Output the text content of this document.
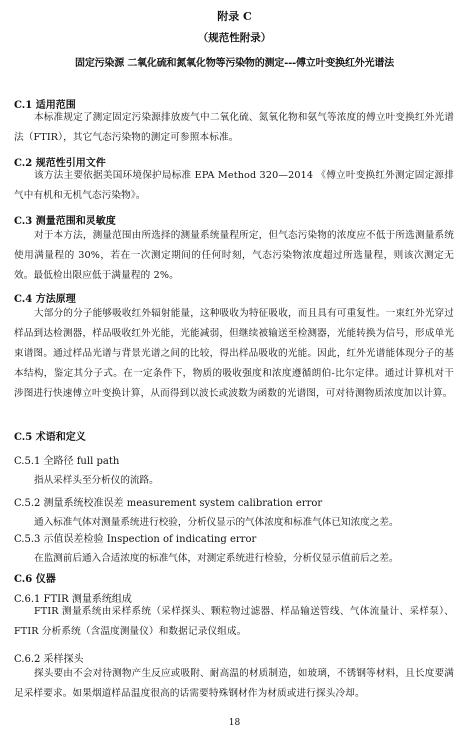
附录 C
（规范性附录）
固定污染源 二氧化硫和氮氧化物等污染物的测定---傅立叶变换红外光谱法
C.1 适用范围
本标准规定了测定固定污染源排放废气中二氧化硫、氮氧化物和氨气等浓度的傅立叶变换红外光谱法（FTIR），其它气态污染物的测定可参照本标准。
C.2 规范性引用文件
该方法主要依据美国环境保护局标准 EPA Method 320—2014 《傅立叶变换红外测定固定源排气中有机和无机气态污染物》。
C.3 测量范围和灵敏度
对于本方法，测量范围由所选择的测量系统量程所定，但气态污染物的浓度应不低于所选测量系统使用满量程的 30%，若在一次测定期间的任何时刻，气态污染物浓度超过所选量程，则该次测定无效。最低检出限应低于满量程的 2%。
C.4 方法原理
大部分的分子能够吸收红外辐射能量，这种吸收为特征吸收，而且具有可重复性。一束红外光穿过样品到达检测器，样品吸收红外光能，光能减弱，但继续被输送至检测器，光能转换为信号，形成单光束谱图。通过样品光谱与背景光谱之间的比较，得出样品吸收的光能。因此，红外光谱能体现分子的基本结构，鉴定其分子式。在一定条件下，物质的吸收强度和浓度遵循朗伯-比尔定律。通过计算机对干涉图进行快速傅立叶变换计算，从而得到以波长或波数为函数的光谱图，可对待测物质浓度加以计算。
C.5 术语和定义
C.5.1 全路径 full path
指从采样头至分析仪的流路。
C.5.2 测量系统校准误差 measurement system calibration error
通入标准气体对测量系统进行校验，分析仪显示的气体浓度和标准气体已知浓度之差。
C.5.3 示值误差检验 Inspection of indicating error
在监测前后通入合适浓度的标准气体，对测定系统进行检验，分析仪显示值前后之差。
C.6 仪器
C.6.1 FTIR 测量系统组成
FTIR 测量系统由采样系统（采样探头、颗粒物过滤器、样品输送管线、气体流量计、采样泵）、FTIR 分析系统（含温度测量仪）和数据记录仪组成。
C.6.2 采样探头
探头要由不会对待测物产生反应或吸附、耐高温的材质制造，如玻璃，不锈钢等材料，且长度要满足采样要求。如果烟道样品温度很高的话需要特殊钢材作为材质或进行探头冷却。
18
